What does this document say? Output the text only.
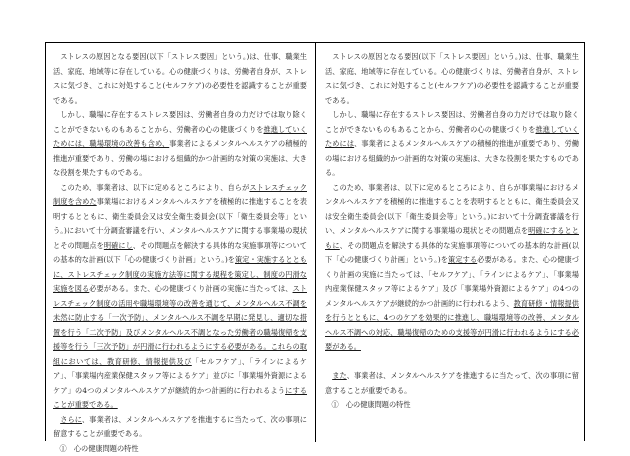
ストレスの原因となる要因(以下「ストレス要因」という。)は、仕事、職業生活、家庭、地域等に存在している。心の健康づくりは、労働者自身が、ストレスに気づき、これに対処すること(セルフケア)の必要性を認識することが重要である。

しかし、職場に存在するストレス要因は、労働者自身の力だけでは取り除くことができないものもあることから、労働者の心の健康づくりを推進していくためには、職場環境の改善も含め、事業者によるメンタルヘルスケアの積極的推進が重要であり、労働の場における組織的かつ計画的な対策の実施は、大きな役割を果たすものである。

このため、事業者は、以下に定めるところにより、自らがストレスチェック制度を含めた事業場におけるメンタルヘルスケアを積極的に推進することを表明するとともに、衛生委員会又は安全衛生委員会(以下「衛生委員会等」という。)において十分調査審議を行い、メンタルヘルスケアに関する事業場の現状とその問題点を明確にし、その問題点を解決する具体的な実施事項等についての基本的な計画(以下「心の健康づくり計画」という。)を策定・実施するとともに、ストレスチェック制度の実施方法等に関する規程を策定し、制度の円滑な実施を図る必要がある。また、心の健康づくり計画の実施に当たっては、ストレスチェック制度の活用や職場環境等の改善を通じて、メンタルヘルス不調を未然に防止する「一次予防」、メンタルヘルス不調を早期に発見し、適切な措置を行う「二次予防」及びメンタルヘルス不調となった労働者の職場復帰を支援等を行う「三次予防」が円滑に行われるようにする必要がある。これらの取組においては、教育研修、情報提供及び「セルフケア」、「ラインによるケア」、「事業場内産業保健スタッフ等によるケア」並びに「事業場外資源によるケア」の4つのメンタルヘルスケアが継続的かつ計画的に行われるようにすることが重要である。

さらに、事業者は、メンタルヘルスケアを推進するに当たって、次の事項に留意することが重要である。

①　心の健康問題の特性

ストレスの原因となる要因(以下「ストレス要因」という。)は、仕事、職業生活、家庭、地域等に存在している。心の健康づくりは、労働者自身が、ストレスに気づき、これに対処すること(セルフケア)の必要性を認識することが重要である。

しかし、職場に存在するストレス要因は、労働者自身の力だけでは取り除くことができないものもあることから、労働者の心の健康づくりを推進していくためには、事業者によるメンタルヘルスケアの積極的推進が重要であり、労働の場における組織的かつ計画的な対策の実施は、大きな役割を果たすものである。

このため、事業者は、以下に定めるところにより、自らが事業場におけるメンタルヘルスケアを積極的に推進することを表明するとともに、衛生委員会又は安全衛生委員会(以下「衛生委員会等」という。)において十分調査審議を行い、メンタルヘルスケアに関する事業場の現状とその問題点を明確にするとともに、その問題点を解決する具体的な実施事項等についての基本的な計画(以下「心の健康づくり計画」という。)を策定する必要がある。また、心の健康づくり計画の実施に当たっては、「セルフケア」、「ラインによるケア」、「事業場内産業保健スタッフ等によるケア」及び「事業場外資源によるケア」の4つのメンタルヘルスケアが継続的かつ計画的に行われるよう、教育研修・情報提供を行うとともに、4つのケアを効果的に推進し、職場環境等の改善、メンタルヘルス不調への対応、職場復帰のための支援等が円滑に行われるようにする必要がある。

また、事業者は、メンタルヘルスケアを推進するに当たって、次の事項に留意することが重要である。

①　心の健康問題の特性
